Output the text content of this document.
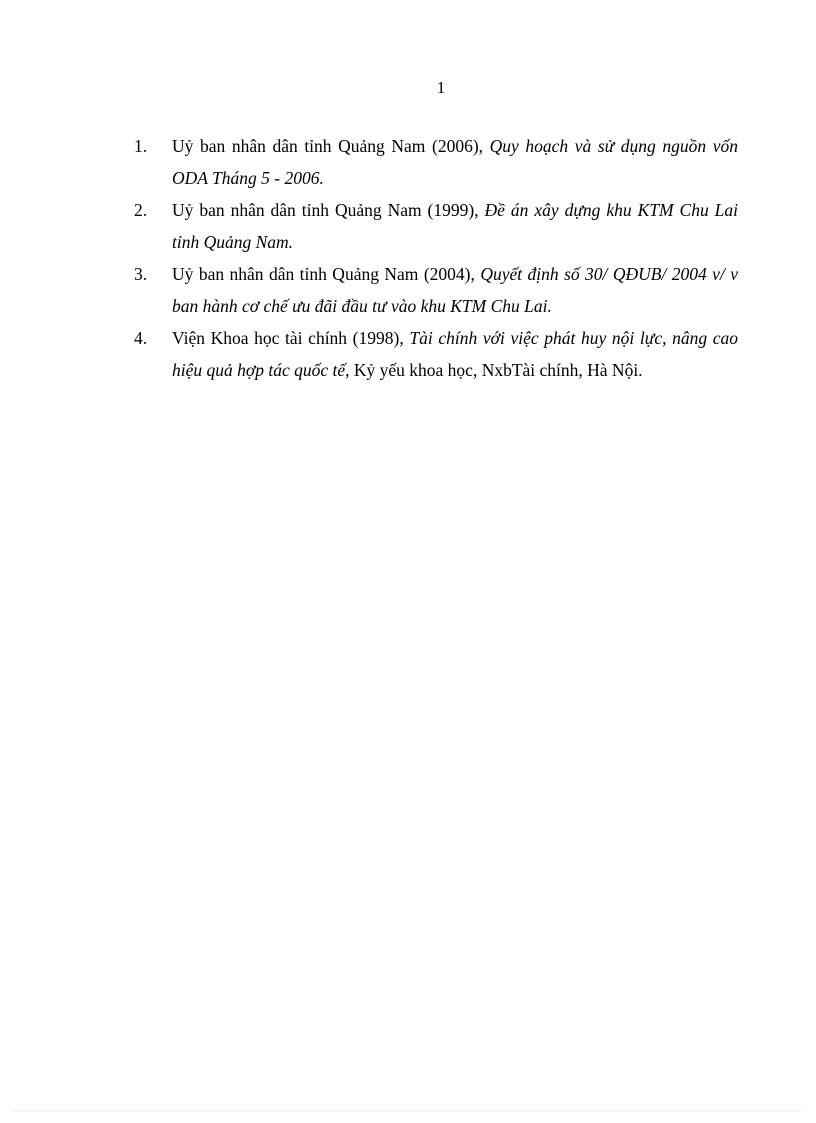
1
1.	Uỷ ban nhân dân tỉnh Quảng Nam (2006), Quy hoạch và sử dụng nguồn vốn ODA Tháng 5 - 2006.
2.	Uỷ ban nhân dân tỉnh Quảng Nam (1999), Đề án xây dựng khu KTM Chu Lai tỉnh Quảng Nam.
3.	Uỷ ban nhân dân tỉnh Quảng Nam (2004), Quyết định số 30/ QĐUB/ 2004 v/ v ban hành cơ chế ưu đãi đầu tư vào khu KTM Chu Lai.
4.	Viện Khoa học tài chính (1998), Tài chính với việc phát huy nội lực, nâng cao hiệu quả hợp tác quốc tế, Kỷ yếu khoa học, NxbTài chính, Hà Nội.
